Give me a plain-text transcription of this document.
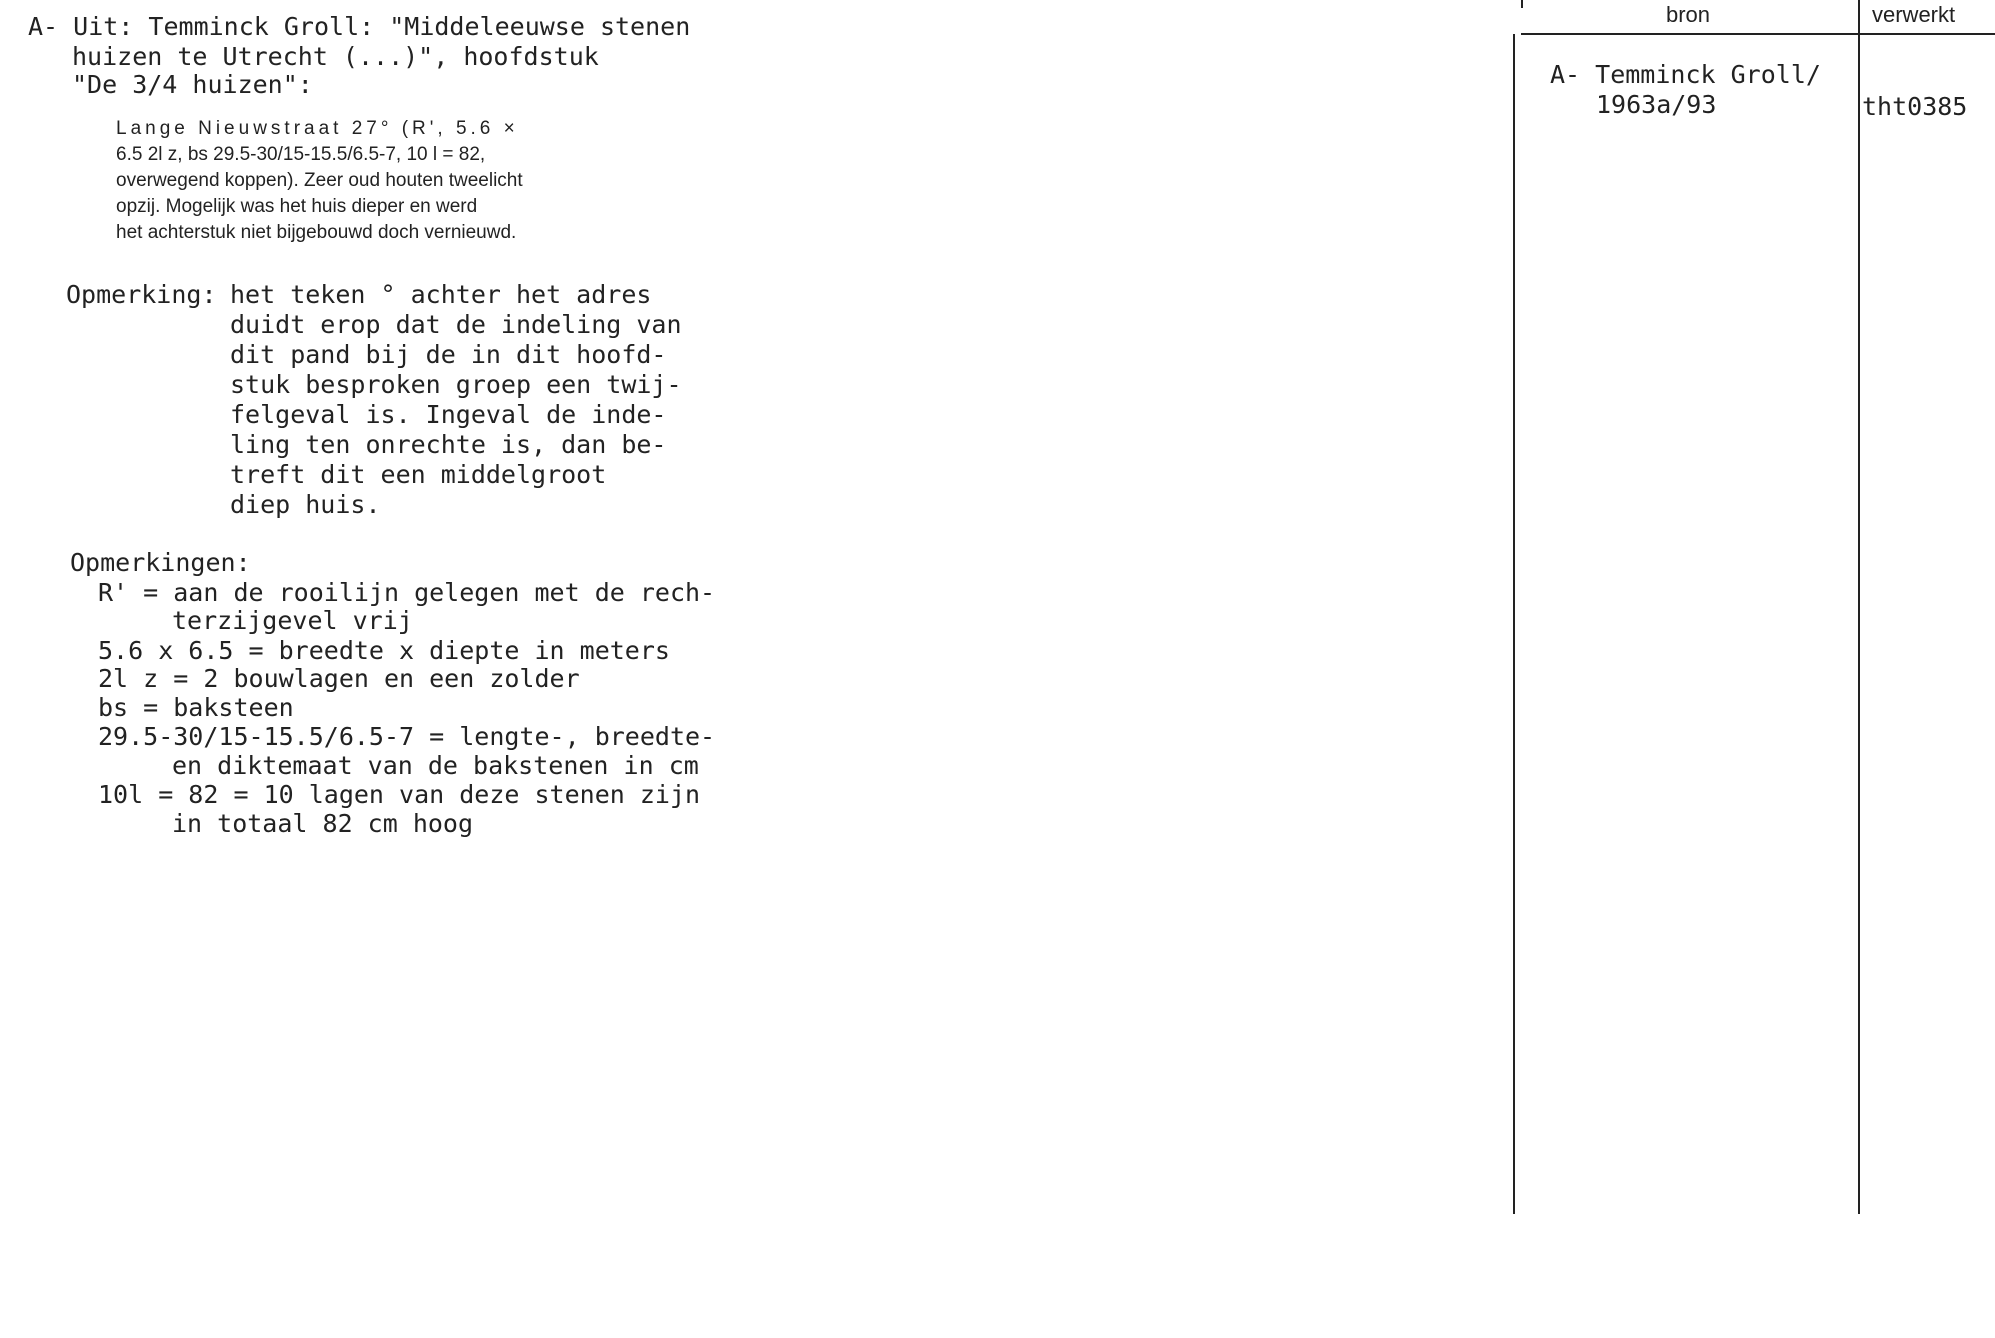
A- Uit: Temminck Groll: "Middeleeuwse stenen
huizen te Utrecht (...)", hoofdstuk
"De 3/4 huizen":
Lange Nieuwstraat 27° (R', 5.6 ×
6.5 2l z, bs 29.5-30/15-15.5/6.5-7, 10 l = 82,
overwegend koppen). Zeer oud houten tweelicht
opzij. Mogelijk was het huis dieper en werd
het achterstuk niet bijgebouwd doch vernieuwd.
Opmerking: het teken ° achter het adres
duidt erop dat de indeling van
dit pand bij de in dit hoofd-
stuk besproken groep een twij-
felgeval is. Ingeval de inde-
ling ten onrechte is, dan be-
treft dit een middelgroot
diep huis.
Opmerkingen:
R' = aan de rooilijn gelegen met de rech-
terzijgevel vrij
5.6 x 6.5 = breedte x diepte in meters
2l z = 2 bouwlagen en een zolder
bs = baksteen
29.5-30/15-15.5/6.5-7 = lengte-, breedte-
en diktemaat van de bakstenen in cm
10l = 82 = 10 lagen van deze stenen zijn
in totaal 82 cm hoog
bron	verwerkt
A- Temminck Groll/
1963a/93	tht0385
